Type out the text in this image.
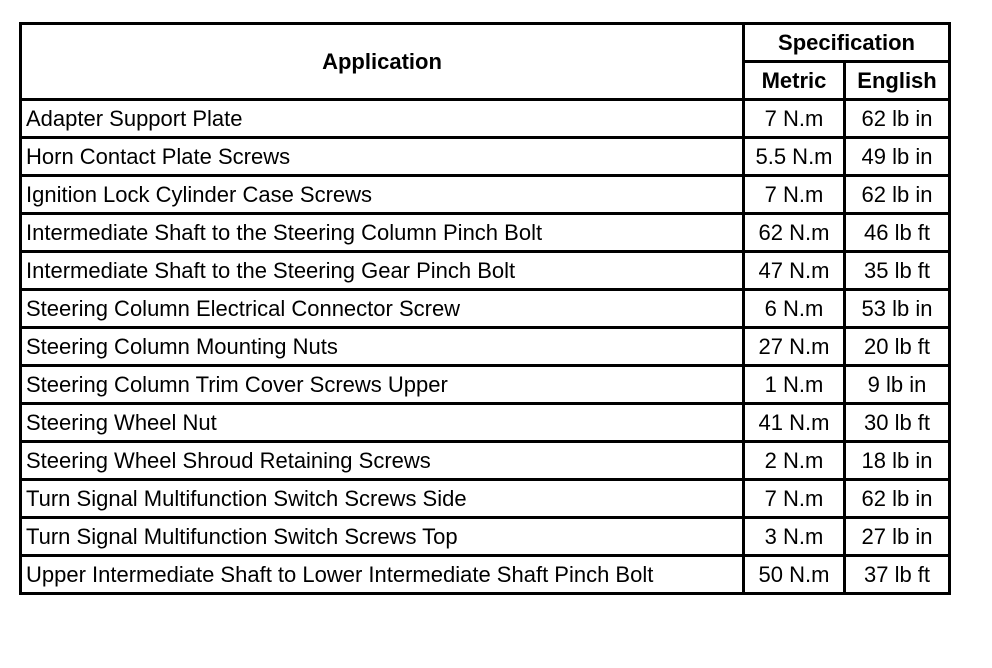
Application	Specification	
	Metric	English
Adapter Support Plate	7 N.m	62 lb in
Horn Contact Plate Screws	5.5 N.m	49 lb in
Ignition Lock Cylinder Case Screws	7 N.m	62 lb in
Intermediate Shaft to the Steering Column Pinch Bolt	62 N.m	46 lb ft
Intermediate Shaft to the Steering Gear Pinch Bolt	47 N.m	35 lb ft
Steering Column Electrical Connector Screw	6 N.m	53 lb in
Steering Column Mounting Nuts	27 N.m	20 lb ft
Steering Column Trim Cover Screws Upper	1 N.m	9 lb in
Steering Wheel Nut	41 N.m	30 lb ft
Steering Wheel Shroud Retaining Screws	2 N.m	18 lb in
Turn Signal Multifunction Switch Screws Side	7 N.m	62 lb in
Turn Signal Multifunction Switch Screws Top	3 N.m	27 lb in
Upper Intermediate Shaft to Lower Intermediate Shaft Pinch Bolt	50 N.m	37 lb ft
